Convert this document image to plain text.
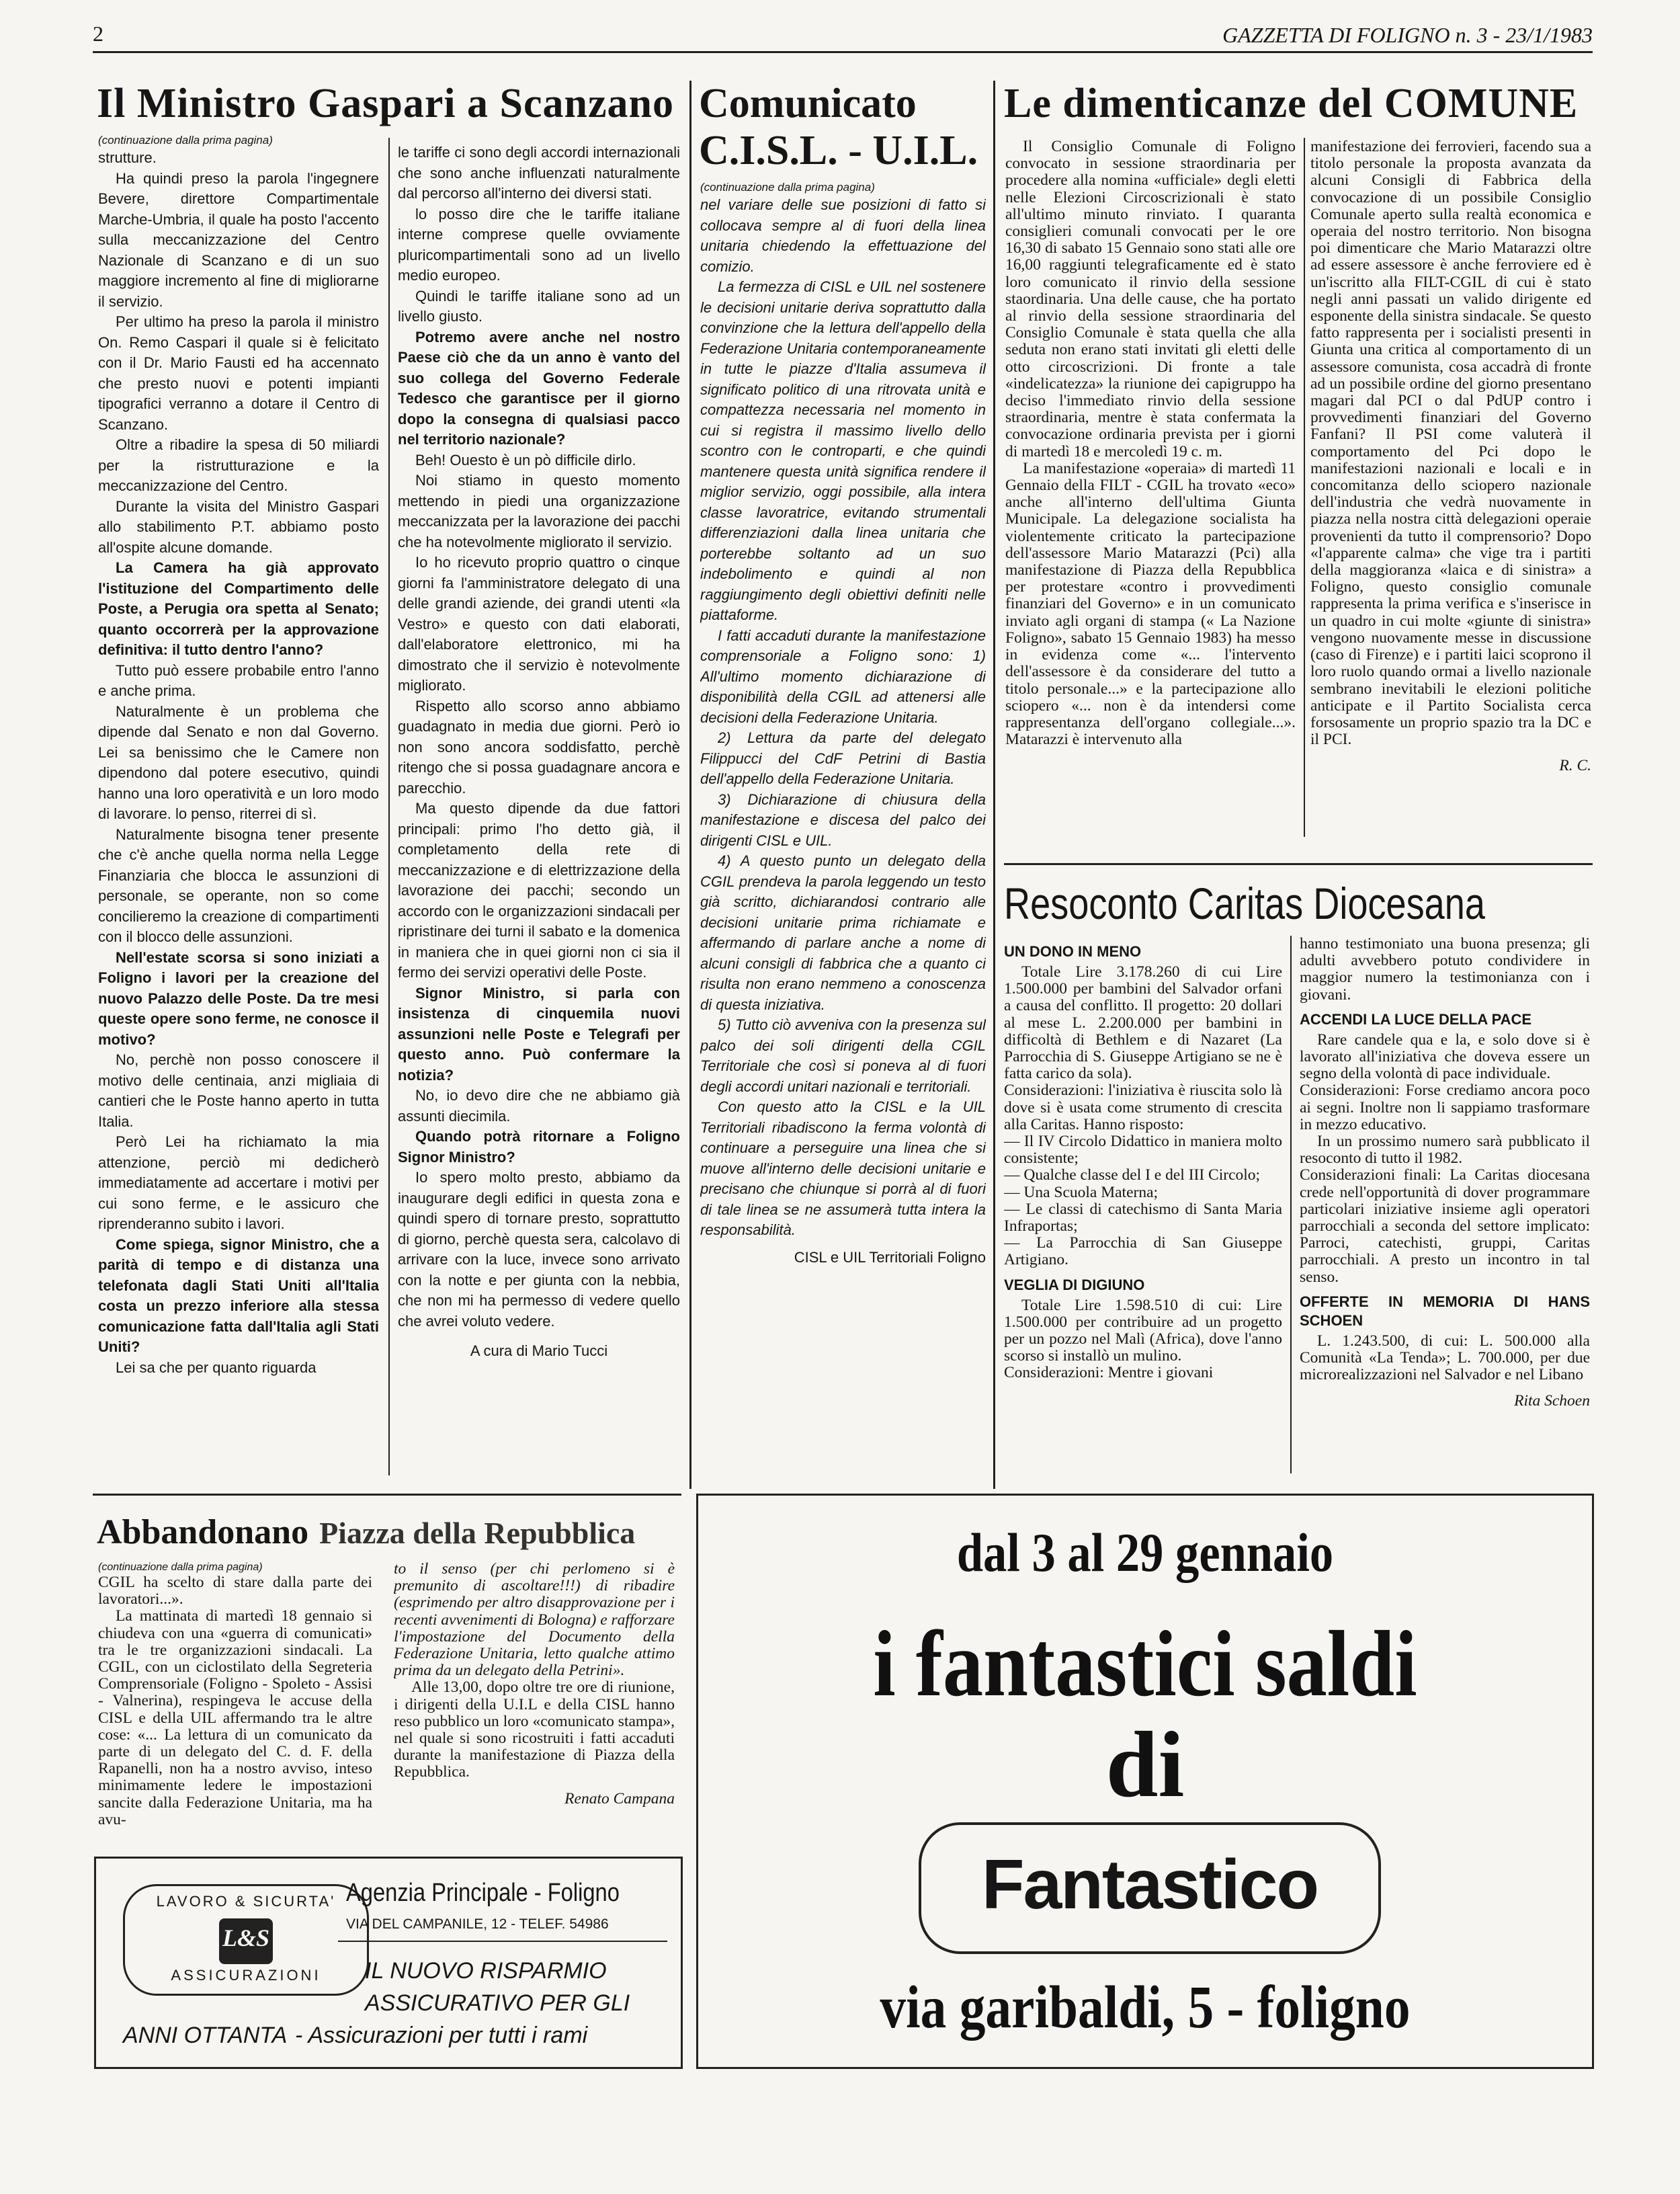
2	GAZZETTA DI FOLIGNO n. 3 - 23/1/1983
Il Ministro Gaspari a Scanzano

(continuazione dalla prima pagina)

strutture.

Ha quindi preso la parola l'ingegnere Bevere, direttore Compartimentale Marche-Umbria, il quale ha posto l'accento sulla meccanizzazione del Centro Nazionale di Scanzano e di un suo maggiore incremento al fine di migliorarne il servizio.

Per ultimo ha preso la parola il ministro On. Remo Caspari il quale si è felicitato con il Dr. Mario Fausti ed ha accennato che presto nuovi e potenti impianti tipografici verranno a dotare il Centro di Scanzano.

Oltre a ribadire la spesa di 50 miliardi per la ristrutturazione e la meccanizzazione del Centro.

Durante la visita del Ministro Gaspari allo stabilimento P.T. abbiamo posto all'ospite alcune domande.

La Camera ha già approvato l'istituzione del Compartimento delle Poste, a Perugia ora spetta al Senato; quanto occorrerà per la approvazione definitiva: il tutto dentro l'anno?

Tutto può essere probabile entro l'anno e anche prima.

Naturalmente è un problema che dipende dal Senato e non dal Governo. Lei sa benissimo che le Camere non dipendono dal potere esecutivo, quindi hanno una loro operatività e un loro modo di lavorare. lo penso, riterrei di sì.

Naturalmente bisogna tener presente che c'è anche quella norma nella Legge Finanziaria che blocca le assunzioni di personale, se operante, non so come concilieremo la creazione di compartimenti con il blocco delle assunzioni.

Nell'estate scorsa si sono iniziati a Foligno i lavori per la creazione del nuovo Palazzo delle Poste. Da tre mesi queste opere sono ferme, ne conosce il motivo?

No, perchè non posso conoscere il motivo delle centinaia, anzi migliaia di cantieri che le Poste hanno aperto in tutta Italia.

Però Lei ha richiamato la mia attenzione, perciò mi dedicherò immediatamente ad accertare i motivi per cui sono ferme, e le assicuro che riprenderanno subito i lavori.

Come spiega, signor Ministro, che a parità di tempo e di distanza una telefonata dagli Stati Uniti all'Italia costa un prezzo inferiore alla stessa comunicazione fatta dall'Italia agli Stati Uniti?

Lei sa che per quanto riguarda

le tariffe ci sono degli accordi internazionali che sono anche influenzati naturalmente dal percorso all'interno dei diversi stati.

lo posso dire che le tariffe italiane interne comprese quelle ovviamente pluricompartimentali sono ad un livello medio europeo.

Quindi le tariffe italiane sono ad un livello giusto.

Potremo avere anche nel nostro Paese ciò che da un anno è vanto del suo collega del Governo Federale Tedesco che garantisce per il giorno dopo la consegna di qualsiasi pacco nel territorio nazionale?

Beh! Ouesto è un pò difficile dirlo.

Noi stiamo in questo momento mettendo in piedi una organizzazione meccanizzata per la lavorazione dei pacchi che ha notevolmente migliorato il servizio.

Io ho ricevuto proprio quattro o cinque giorni fa l'amministratore delegato di una delle grandi aziende, dei grandi utenti «la Vestro» e questo con dati elaborati, dall'elaboratore elettronico, mi ha dimostrato che il servizio è notevolmente migliorato.

Rispetto allo scorso anno abbiamo guadagnato in media due giorni. Però io non sono ancora soddisfatto, perchè ritengo che si possa guadagnare ancora e parecchio.

Ma questo dipende da due fattori principali: primo l'ho detto già, il completamento della rete di meccanizzazione e di elettrizzazione della lavorazione dei pacchi; secondo un accordo con le organizzazioni sindacali per ripristinare dei turni il sabato e la domenica in maniera che in quei giorni non ci sia il fermo dei servizi operativi delle Poste.

Signor Ministro, si parla con insistenza di cinquemila nuovi assunzioni nelle Poste e Telegrafi per questo anno. Può confermare la notizia?

No, io devo dire che ne abbiamo già assunti diecimila.

Quando potrà ritornare a Foligno Signor Ministro?

Io spero molto presto, abbiamo da inaugurare degli edifici in questa zona e quindi spero di tornare presto, soprattutto di giorno, perchè questa sera, calcolavo di arrivare con la luce, invece sono arrivato con la notte e per giunta con la nebbia, che non mi ha permesso di vedere quello che avrei voluto vedere.

A cura di Mario Tucci

Comunicato
C.I.S.L. - U.I.L.

(continuazione dalla prima pagina)

nel variare delle sue posizioni di fatto si collocava sempre al di fuori della linea unitaria chiedendo la effettuazione del comizio.

La fermezza di CISL e UIL nel sostenere le decisioni unitarie deriva soprattutto dalla convinzione che la lettura dell'appello della Federazione Unitaria contemporaneamente in tutte le piazze d'Italia assumeva il significato politico di una ritrovata unità e compattezza necessaria nel momento in cui si registra il massimo livello dello scontro con le controparti, e che quindi mantenere questa unità significa rendere il miglior servizio, oggi possibile, alla intera classe lavoratrice, evitando strumentali differenziazioni dalla linea unitaria che porterebbe soltanto ad un suo indebolimento e quindi al non raggiungimento degli obiettivi definiti nelle piattaforme.

I fatti accaduti durante la manifestazione comprensoriale a Foligno sono: 1) All'ultimo momento dichiarazione di disponibilità della CGIL ad attenersi alle decisioni della Federazione Unitaria.

2) Lettura da parte del delegato Filippucci del CdF Petrini di Bastia dell'appello della Federazione Unitaria.

3) Dichiarazione di chiusura della manifestazione e discesa del palco dei dirigenti CISL e UIL.

4) A questo punto un delegato della CGIL prendeva la parola leggendo un testo già scritto, dichiarandosi contrario alle decisioni unitarie prima richiamate e affermando di parlare anche a nome di alcuni consigli di fabbrica che a quanto ci risulta non erano nemmeno a conoscenza di questa iniziativa.

5) Tutto ciò avveniva con la presenza sul palco dei soli dirigenti della CGIL Territoriale che così si poneva al di fuori degli accordi unitari nazionali e territoriali.

Con questo atto la CISL e la UIL Territoriali ribadiscono la ferma volontà di continuare a perseguire una linea che si muove all'interno delle decisioni unitarie e precisano che chiunque si porrà al di fuori di tale linea se ne assumerà tutta intera la responsabilità.

CISL e UIL Territoriali Foligno

Le dimenticanze del COMUNE

Il Consiglio Comunale di Foligno convocato in sessione straordinaria per procedere alla nomina «ufficiale» degli eletti nelle Elezioni Circoscrizionali è stato all'ultimo minuto rinviato. I quaranta consiglieri comunali convocati per le ore 16,30 di sabato 15 Gennaio sono stati alle ore 16,00 raggiunti telegraficamente ed è stato loro comunicato il rinvio della sessione staordinaria. Una delle cause, che ha portato al rinvio della sessione straordinaria del Consiglio Comunale è stata quella che alla seduta non erano stati invitati gli eletti delle otto circoscrizioni. Di fronte a tale «indelicatezza» la riunione dei capigruppo ha deciso l'immediato rinvio della sessione straordinaria, mentre è stata confermata la convocazione ordinaria prevista per i giorni di martedì 18 e mercoledì 19 c. m.

La manifestazione «operaia» di martedì 11 Gennaio della FILT - CGIL ha trovato «eco» anche all'interno dell'ultima Giunta Municipale. La delegazione socialista ha violentemente criticato la partecipazione dell'assessore Mario Matarazzi (Pci) alla manifestazione di Piazza della Repubblica per protestare «contro i provvedimenti finanziari del Governo» e in un comunicato inviato agli organi di stampa (« La Nazione Foligno», sabato 15 Gennaio 1983) ha messo in evidenza come «... l'intervento dell'assessore è da considerare del tutto a titolo personale...» e la partecipazione allo sciopero «... non è da intendersi come rappresentanza dell'organo collegiale...». Matarazzi è intervenuto alla

manifestazione dei ferrovieri, facendo sua a titolo personale la proposta avanzata da alcuni Consigli di Fabbrica della convocazione di un possibile Consiglio Comunale aperto sulla realtà economica e operaia del nostro territorio. Non bisogna poi dimenticare che Mario Matarazzi oltre ad essere assessore è anche ferroviere ed è un'iscritto alla FILT-CGIL di cui è stato negli anni passati un valido dirigente ed esponente della sinistra sindacale. Se questo fatto rappresenta per i socialisti presenti in Giunta una critica al comportamento di un assessore comunista, cosa accadrà di fronte ad un possibile ordine del giorno presentano magari dal PCI o dal PdUP contro i provvedimenti finanziari del Governo Fanfani? Il PSI come valuterà il comportamento del Pci dopo le manifestazioni nazionali e locali e in concomitanza dello sciopero nazionale dell'industria che vedrà nuovamente in piazza nella nostra città delegazioni operaie provenienti da tutto il comprensorio? Dopo «l'apparente calma» che vige tra i partiti della maggioranza «laica e di sinistra» a Foligno, questo consiglio comunale rappresenta la prima verifica e s'inserisce in un quadro in cui molte «giunte di sinistra» vengono nuovamente messe in discussione (caso di Firenze) e i partiti laici scoprono il loro ruolo quando ormai a livello nazionale sembrano inevitabili le elezioni politiche anticipate e il Partito Socialista cerca forsosamente un proprio spazio tra la DC e il PCI.

R. C.

Resoconto Caritas Diocesana

UN DONO IN MENO

Totale Lire 3.178.260 di cui Lire 1.500.000 per bambini del Salvador orfani a causa del conflitto. Il progetto: 20 dollari al mese L. 2.200.000 per bambini in difficoltà di Bethlem e di Nazaret (La Parrocchia di S. Giuseppe Artigiano se ne è fatta carico da sola).

Considerazioni: l'iniziativa è riuscita solo là dove si è usata come strumento di crescita alla Caritas. Hanno risposto:

— Il IV Circolo Didattico in maniera molto consistente;

— Qualche classe del I e del III Circolo;

— Una Scuola Materna;

— Le classi di catechismo di Santa Maria Infraportas;

— La Parrocchia di San Giuseppe Artigiano.

VEGLIA DI DIGIUNO

Totale Lire 1.598.510 di cui: Lire 1.500.000 per contribuire ad un progetto per un pozzo nel Malì (Africa), dove l'anno scorso si installò un mulino.

Considerazioni: Mentre i giovani

hanno testimoniato una buona presenza; gli adulti avvebbero potuto condividere in maggior numero la testimonianza con i giovani.

ACCENDI LA LUCE DELLA PACE

Rare candele qua e la, e solo dove si è lavorato all'iniziativa che doveva essere un segno della volontà di pace individuale.

Considerazioni: Forse crediamo ancora poco ai segni. Inoltre non li sappiamo trasformare in mezzo educativo.

In un prossimo numero sarà pubblicato il resoconto di tutto il 1982.

Considerazioni finali: La Caritas diocesana crede nell'opportunità di dover programmare particolari iniziative insieme agli operatori parrocchiali a seconda del settore implicato: Parroci, catechisti, gruppi, Caritas parrocchiali. A presto un incontro in tal senso.

OFFERTE IN MEMORIA DI HANS SCHOEN

L. 1.243.500, di cui: L. 500.000 alla Comunità «La Tenda»; L. 700.000, per due microrealizzazioni nel Salvador e nel Libano

Rita Schoen

Abbandonano Piazza della Repubblica

(continuazione dalla prima pagina)

CGIL ha scelto di stare dalla parte dei lavoratori...».

La mattinata di martedì 18 gennaio si chiudeva con una «guerra di comunicati» tra le tre organizzazioni sindacali. La CGIL, con un ciclostilato della Segreteria Comprensoriale (Foligno - Spoleto - Assisi - Valnerina), respingeva le accuse della CISL e della UIL affermando tra le altre cose: «... La lettura di un comunicato da parte di un delegato del C. d. F. della Rapanelli, non ha a nostro avviso, inteso minimamente ledere le impostazioni sancite dalla Federazione Unitaria, ma ha avu-

to il senso (per chi perlomeno si è premunito di ascoltare!!!) di ribadire (esprimendo per altro disapprovazione per i recenti avvenimenti di Bologna) e rafforzare l'impostazione del Documento della Federazione Unitaria, letto qualche attimo prima da un delegato della Petrini».

Alle 13,00, dopo oltre tre ore di riunione, i dirigenti della U.I.L e della CISL hanno reso pubblico un loro «comunicato stampa», nel quale si sono ricostruiti i fatti accaduti durante la manifestazione di Piazza della Repubblica.

Renato Campana

LAVORO & SICURTA'
L&S
ASSICURAZIONI
Agenzia Principale - Foligno
VIA DEL CAMPANILE, 12 - TELEF. 54986
IL NUOVO RISPARMIO
ASSICURATIVO PER GLI
ANNI OTTANTA - Assicurazioni per tutti i rami
dal 3 al 29 gennaio
i fantastici saldi
di
Fantastico
via garibaldi, 5 - foligno
